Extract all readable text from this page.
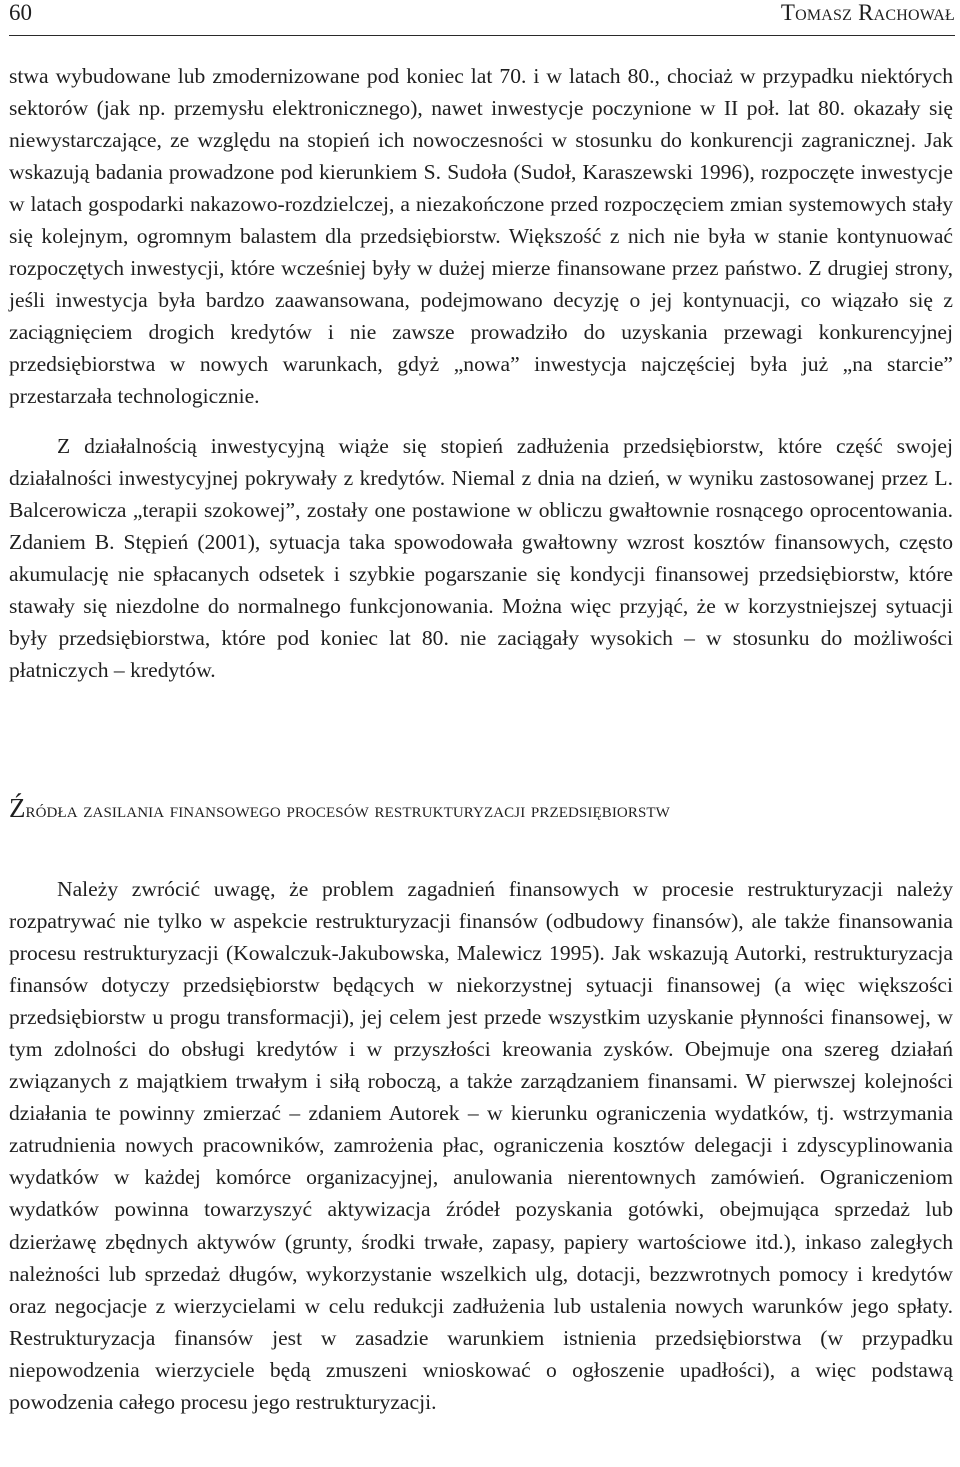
60	Tomasz Rachował

stwa wybudowane lub zmodernizowane pod koniec lat 70. i w latach 80., chociaż w przypadku niektórych sektorów (jak np. przemysłu elektronicznego), nawet inwestycje poczynione w II poł. lat 80. okazały się niewystarczające, ze względu na stopień ich nowoczesności w stosunku do konkurencji zagranicznej. Jak wskazują badania prowadzone pod kierunkiem S. Sudoła (Sudoł, Karaszewski 1996), rozpoczęte inwestycje w latach gospodarki nakazowo-rozdzielczej, a niezakończone przed rozpoczęciem zmian systemowych stały się kolejnym, ogromnym balastem dla przedsiębiorstw. Większość z nich nie była w stanie kontynuować rozpoczętych inwestycji, które wcześniej były w dużej mierze finansowane przez państwo. Z drugiej strony, jeśli inwestycja była bardzo zaawansowana, podejmowano decyzję o jej kontynuacji, co wiązało się z zaciągnięciem drogich kredytów i nie zawsze prowadziło do uzyskania przewagi konkurencyjnej przedsiębiorstwa w nowych warunkach, gdyż „nowa” inwestycja najczęściej była już „na starcie” przestarzała technologicznie.

Z działalnością inwestycyjną wiąże się stopień zadłużenia przedsiębiorstw, które część swojej działalności inwestycyjnej pokrywały z kredytów. Niemal z dnia na dzień, w wyniku zastosowanej przez L. Balcerowicza „terapii szokowej”, zostały one postawione w obliczu gwałtownie rosnącego oprocentowania. Zdaniem B. Stępień (2001), sytuacja taka spowodowała gwałtowny wzrost kosztów finansowych, często akumulację nie spłacanych odsetek i szybkie pogarszanie się kondycji finansowej przedsiębiorstw, które stawały się niezdolne do normalnego funkcjonowania. Można więc przyjąć, że w korzystniejszej sytuacji były przedsiębiorstwa, które pod koniec lat 80. nie zaciągały wysokich – w stosunku do możliwości płatniczych – kredytów.

Źródła zasilania finansowego procesów restrukturyzacji przedsiębiorstw

Należy zwrócić uwagę, że problem zagadnień finansowych w procesie restrukturyzacji należy rozpatrywać nie tylko w aspekcie restrukturyzacji finansów (odbudowy finansów), ale także finansowania procesu restrukturyzacji (Kowalczuk-Jakubowska, Malewicz 1995). Jak wskazują Autorki, restrukturyzacja finansów dotyczy przedsiębiorstw będących w niekorzystnej sytuacji finansowej (a więc większości przedsiębiorstw u progu transformacji), jej celem jest przede wszystkim uzyskanie płynności finansowej, w tym zdolności do obsługi kredytów i w przyszłości kreowania zysków. Obejmuje ona szereg działań związanych z majątkiem trwałym i siłą roboczą, a także zarządzaniem finansami. W pierwszej kolejności działania te powinny zmierzać – zdaniem Autorek – w kierunku ograniczenia wydatków, tj. wstrzymania zatrudnienia nowych pracowników, zamrożenia płac, ograniczenia kosztów delegacji i zdyscyplinowania wydatków w każdej komórce organizacyjnej, anulowania nierentownych zamówień. Ograniczeniom wydatków powinna towarzyszyć aktywizacja źródeł pozyskania gotówki, obejmująca sprzedaż lub dzierżawę zbędnych aktywów (grunty, środki trwałe, zapasy, papiery wartościowe itd.), inkaso zaległych należności lub sprzedaż długów, wykorzystanie wszelkich ulg, dotacji, bezzwrotnych pomocy i kredytów oraz negocjacje z wierzycielami w celu redukcji zadłużenia lub ustalenia nowych warunków jego spłaty. Restrukturyzacja finansów jest w zasadzie warunkiem istnienia przedsiębiorstwa (w przypadku niepowodzenia wierzyciele będą zmuszeni wnioskować o ogłoszenie upadłości), a więc podstawą powodzenia całego procesu jego restrukturyzacji.
